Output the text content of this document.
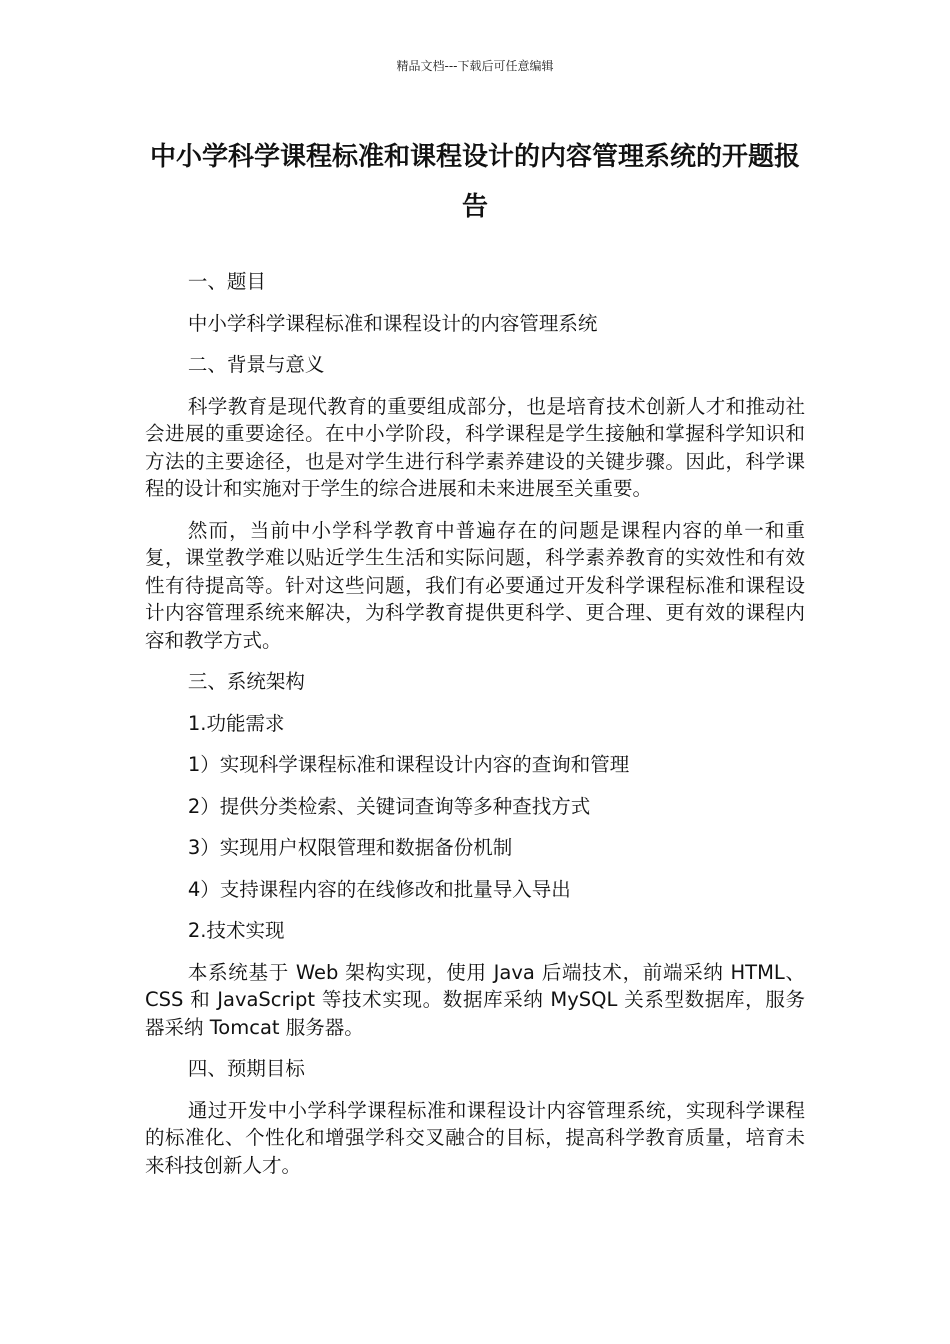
精品文档---下载后可任意编辑
中小学科学课程标准和课程设计的内容管理系统的开题报告

一、题目

中小学科学课程标准和课程设计的内容管理系统

二、背景与意义

科学教育是现代教育的重要组成部分，也是培育技术创新人才和推动社会进展的重要途径。在中小学阶段，科学课程是学生接触和掌握科学知识和方法的主要途径，也是对学生进行科学素养建设的关键步骤。因此，科学课程的设计和实施对于学生的综合进展和未来进展至关重要。

然而，当前中小学科学教育中普遍存在的问题是课程内容的单一和重复，课堂教学难以贴近学生生活和实际问题，科学素养教育的实效性和有效性有待提高等。针对这些问题，我们有必要通过开发科学课程标准和课程设计内容管理系统来解决，为科学教育提供更科学、更合理、更有效的课程内容和教学方式。

三、系统架构

1.功能需求

1）实现科学课程标准和课程设计内容的查询和管理

2）提供分类检索、关键词查询等多种查找方式

3）实现用户权限管理和数据备份机制

4）支持课程内容的在线修改和批量导入导出

2.技术实现

本系统基于 Web 架构实现，使用 Java 后端技术，前端采纳 HTML、CSS 和 JavaScript 等技术实现。数据库采纳 MySQL 关系型数据库，服务器采纳 Tomcat 服务器。

四、预期目标

通过开发中小学科学课程标准和课程设计内容管理系统，实现科学课程的标准化、个性化和增强学科交叉融合的目标，提高科学教育质量，培育未来科技创新人才。
